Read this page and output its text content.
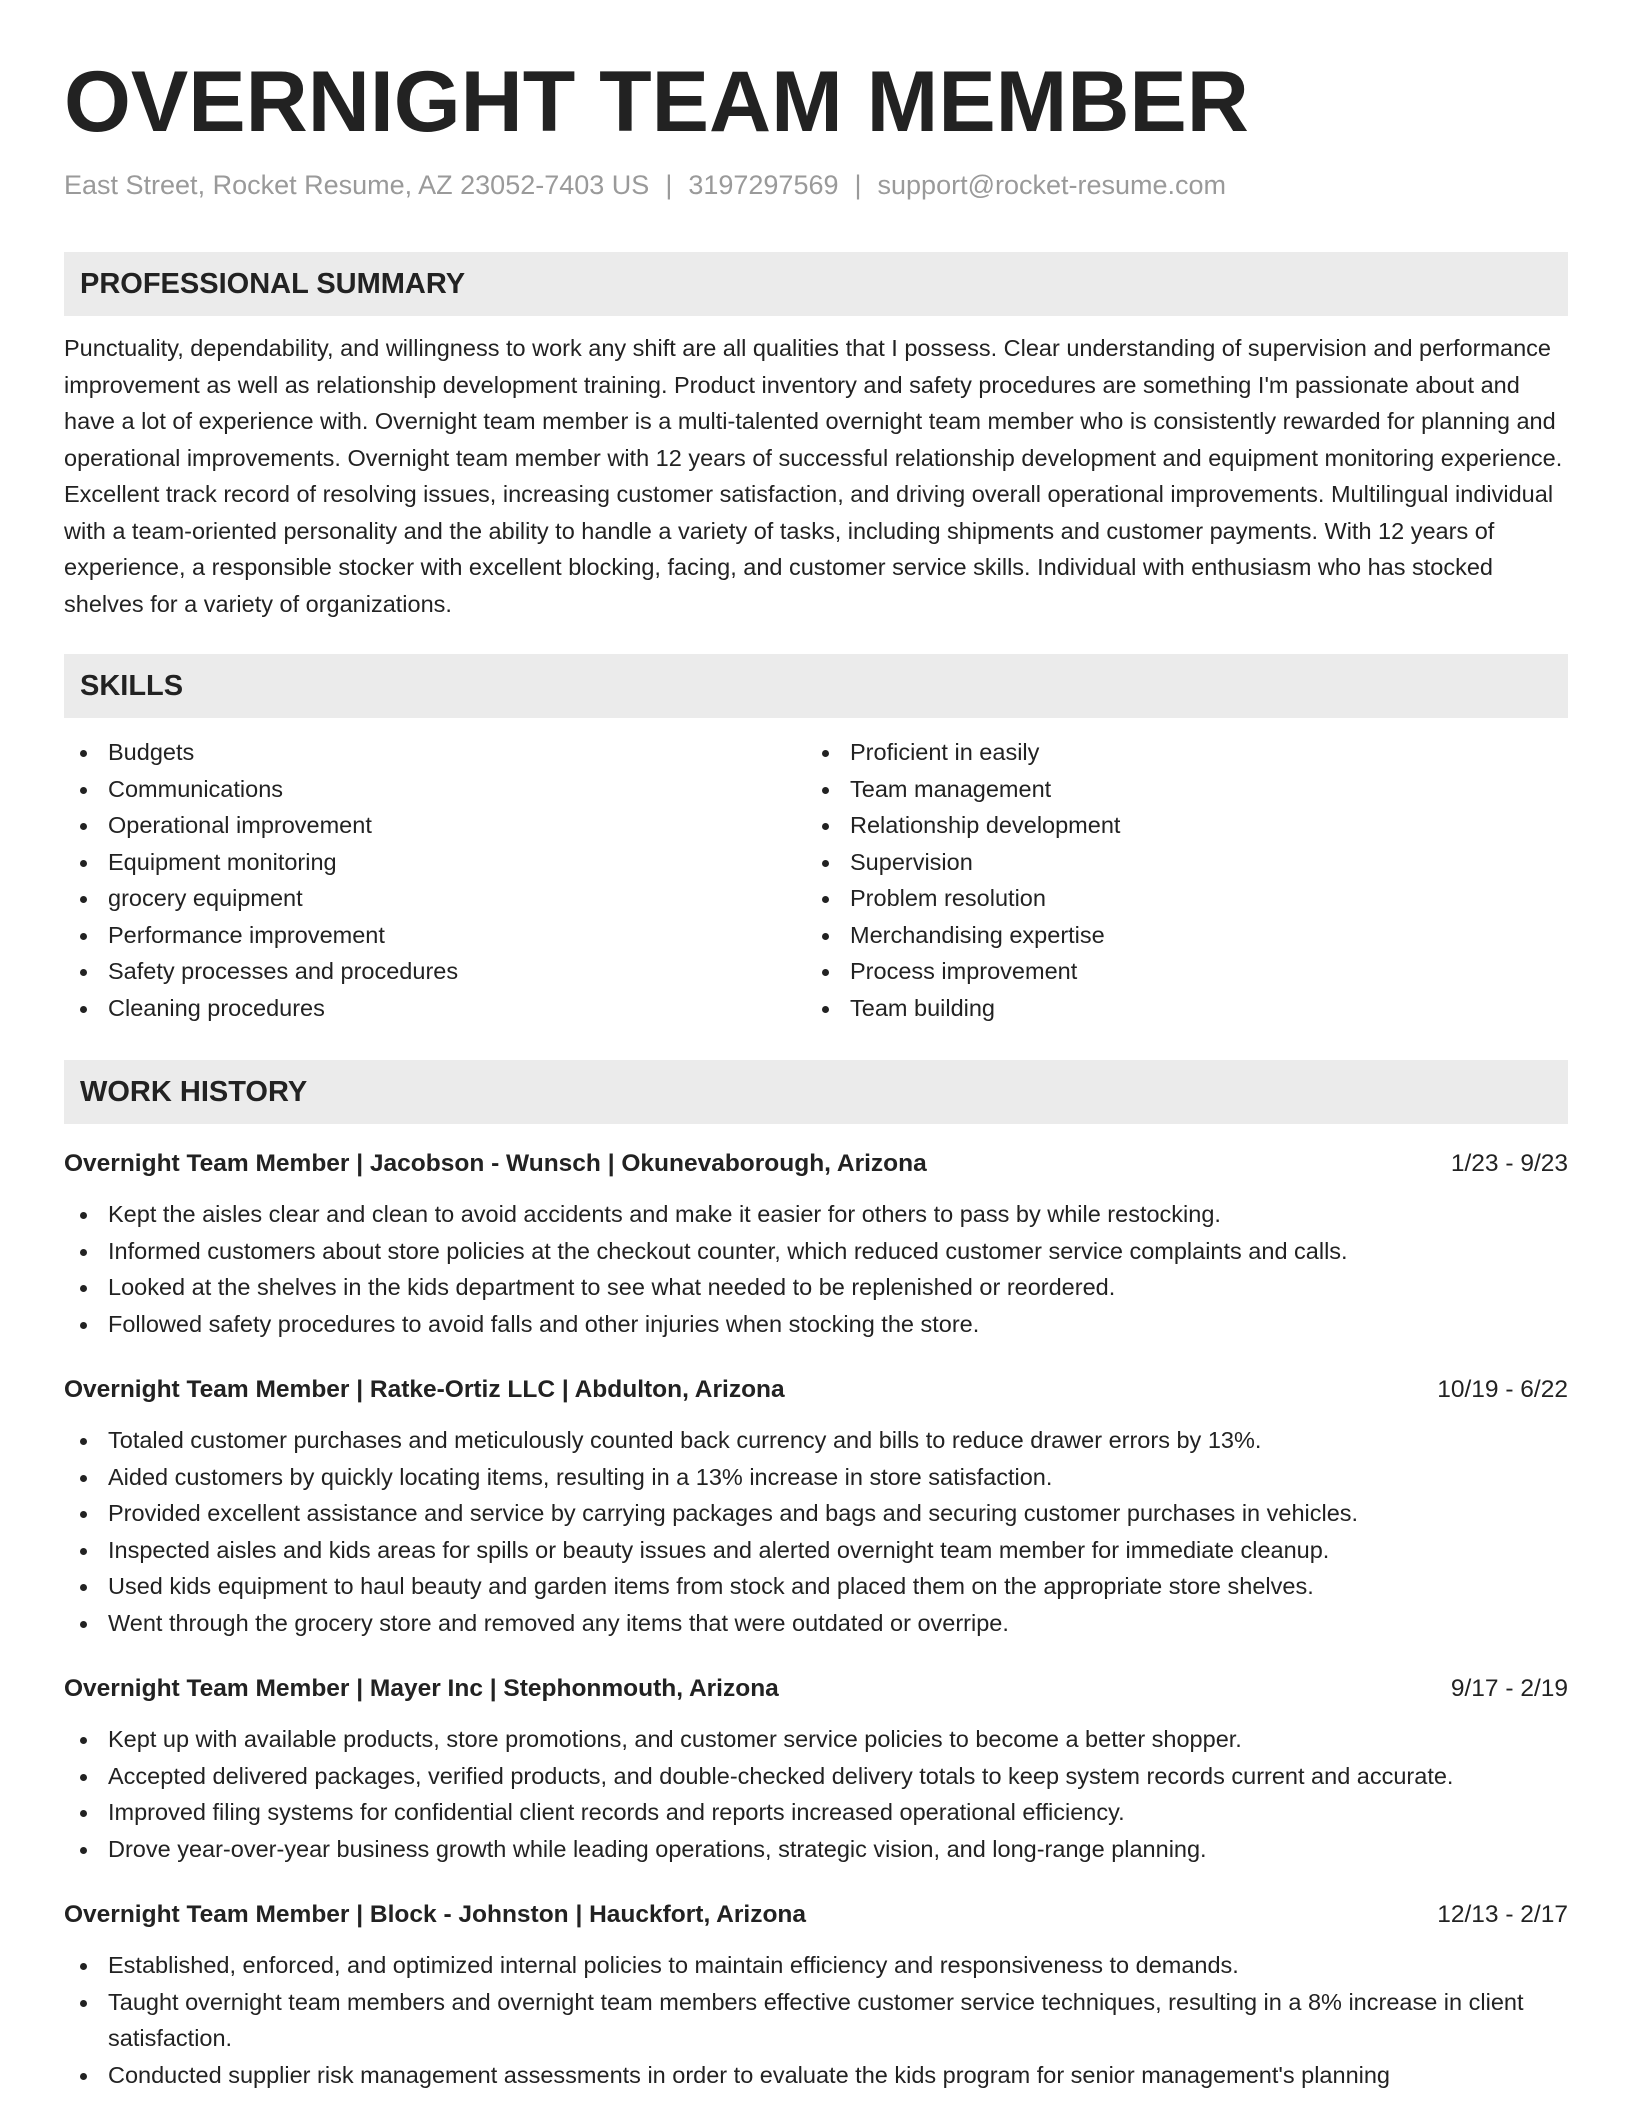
OVERNIGHT TEAM MEMBER
East Street, Rocket Resume, AZ 23052-7403 US | 3197297569 | support@rocket-resume.com
PROFESSIONAL SUMMARY
Punctuality, dependability, and willingness to work any shift are all qualities that I possess. Clear understanding of supervision and performance improvement as well as relationship development training. Product inventory and safety procedures are something I'm passionate about and have a lot of experience with. Overnight team member is a multi-talented overnight team member who is consistently rewarded for planning and operational improvements. Overnight team member with 12 years of successful relationship development and equipment monitoring experience. Excellent track record of resolving issues, increasing customer satisfaction, and driving overall operational improvements. Multilingual individual with a team-oriented personality and the ability to handle a variety of tasks, including shipments and customer payments. With 12 years of experience, a responsible stocker with excellent blocking, facing, and customer service skills. Individual with enthusiasm who has stocked shelves for a variety of organizations.
SKILLS
Budgets
Communications
Operational improvement
Equipment monitoring
grocery equipment
Performance improvement
Safety processes and procedures
Cleaning procedures
Proficient in easily
Team management
Relationship development
Supervision
Problem resolution
Merchandising expertise
Process improvement
Team building
WORK HISTORY
Overnight Team Member | Jacobson - Wunsch | Okunevaborough, Arizona	1/23 - 9/23
Kept the aisles clear and clean to avoid accidents and make it easier for others to pass by while restocking.
Informed customers about store policies at the checkout counter, which reduced customer service complaints and calls.
Looked at the shelves in the kids department to see what needed to be replenished or reordered.
Followed safety procedures to avoid falls and other injuries when stocking the store.
Overnight Team Member | Ratke-Ortiz LLC | Abdulton, Arizona	10/19 - 6/22
Totaled customer purchases and meticulously counted back currency and bills to reduce drawer errors by 13%.
Aided customers by quickly locating items, resulting in a 13% increase in store satisfaction.
Provided excellent assistance and service by carrying packages and bags and securing customer purchases in vehicles.
Inspected aisles and kids areas for spills or beauty issues and alerted overnight team member for immediate cleanup.
Used kids equipment to haul beauty and garden items from stock and placed them on the appropriate store shelves.
Went through the grocery store and removed any items that were outdated or overripe.
Overnight Team Member | Mayer Inc | Stephonmouth, Arizona	9/17 - 2/19
Kept up with available products, store promotions, and customer service policies to become a better shopper.
Accepted delivered packages, verified products, and double-checked delivery totals to keep system records current and accurate.
Improved filing systems for confidential client records and reports increased operational efficiency.
Drove year-over-year business growth while leading operations, strategic vision, and long-range planning.
Overnight Team Member | Block - Johnston | Hauckfort, Arizona	12/13 - 2/17
Established, enforced, and optimized internal policies to maintain efficiency and responsiveness to demands.
Taught overnight team members and overnight team members effective customer service techniques, resulting in a 8% increase in client satisfaction.
Conducted supplier risk management assessments in order to evaluate the kids program for senior management's planning
